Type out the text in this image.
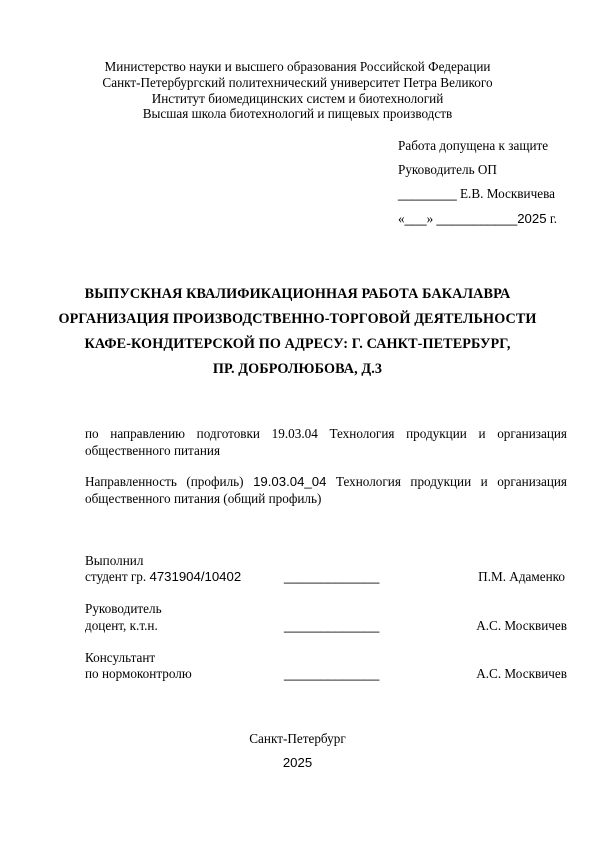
Министерство науки и высшего образования Российской Федерации
Санкт-Петербургский политехнический университет Петра Великого
Институт биомедицинских систем и биотехнологий
Высшая школа биотехнологий и пищевых производств
Работа допущена к защите
Руководитель ОП
________ Е.В. Москвичева
«___» ___________2025 г.
ВЫПУСКНАЯ КВАЛИФИКАЦИОННАЯ РАБОТА БАКАЛАВРА
ОРГАНИЗАЦИЯ ПРОИЗВОДСТВЕННО-ТОРГОВОЙ ДЕЯТЕЛЬНОСТИ
КАФЕ-КОНДИТЕРСКОЙ ПО АДРЕСУ: Г. САНКТ-ПЕТЕРБУРГ,
ПР. ДОБРОЛЮБОВА, Д.3
по направлению подготовки 19.03.04 Технология продукции и организация общественного питания
Направленность (профиль) 19.03.04_04 Технология продукции и организация общественного питания (общий профиль)
Выполнил
студент гр. 4731904/10402	_____________	П.М. Адаменко
Руководитель
доцент, к.т.н.	_____________	А.С. Москвичев
Консультант
по нормоконтролю	_____________	А.С. Москвичев
Санкт-Петербург
2025
